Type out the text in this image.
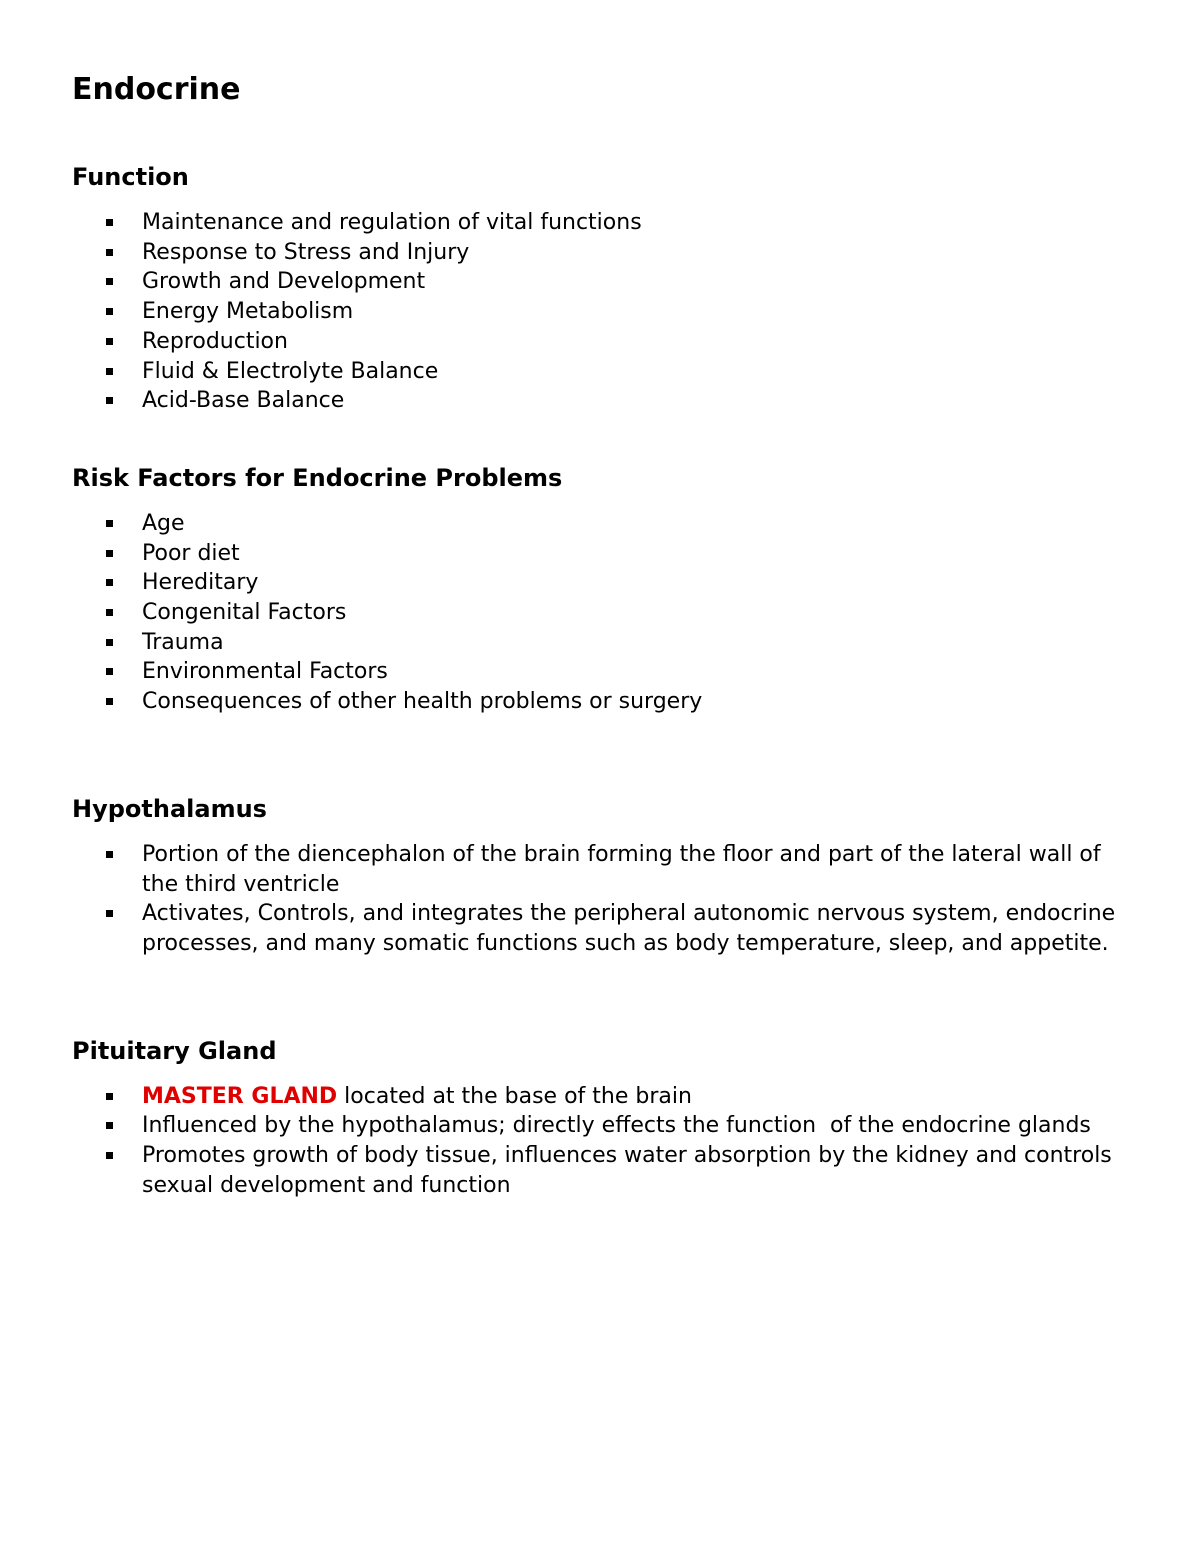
Endocrine
Function
Maintenance and regulation of vital functions
Response to Stress and Injury
Growth and Development
Energy Metabolism
Reproduction
Fluid & Electrolyte Balance
Acid-Base Balance
Risk Factors for Endocrine Problems
Age
Poor diet
Hereditary
Congenital Factors
Trauma
Environmental Factors
Consequences of other health problems or surgery
Hypothalamus
Portion of the diencephalon of the brain forming the floor and part of the lateral wall of the third ventricle
Activates, Controls, and integrates the peripheral autonomic nervous system, endocrine processes, and many somatic functions such as body temperature, sleep, and appetite.
Pituitary Gland
MASTER GLAND located at the base of the brain
Influenced by the hypothalamus; directly effects the function  of the endocrine glands
Promotes growth of body tissue, influences water absorption by the kidney and controls sexual development and function
